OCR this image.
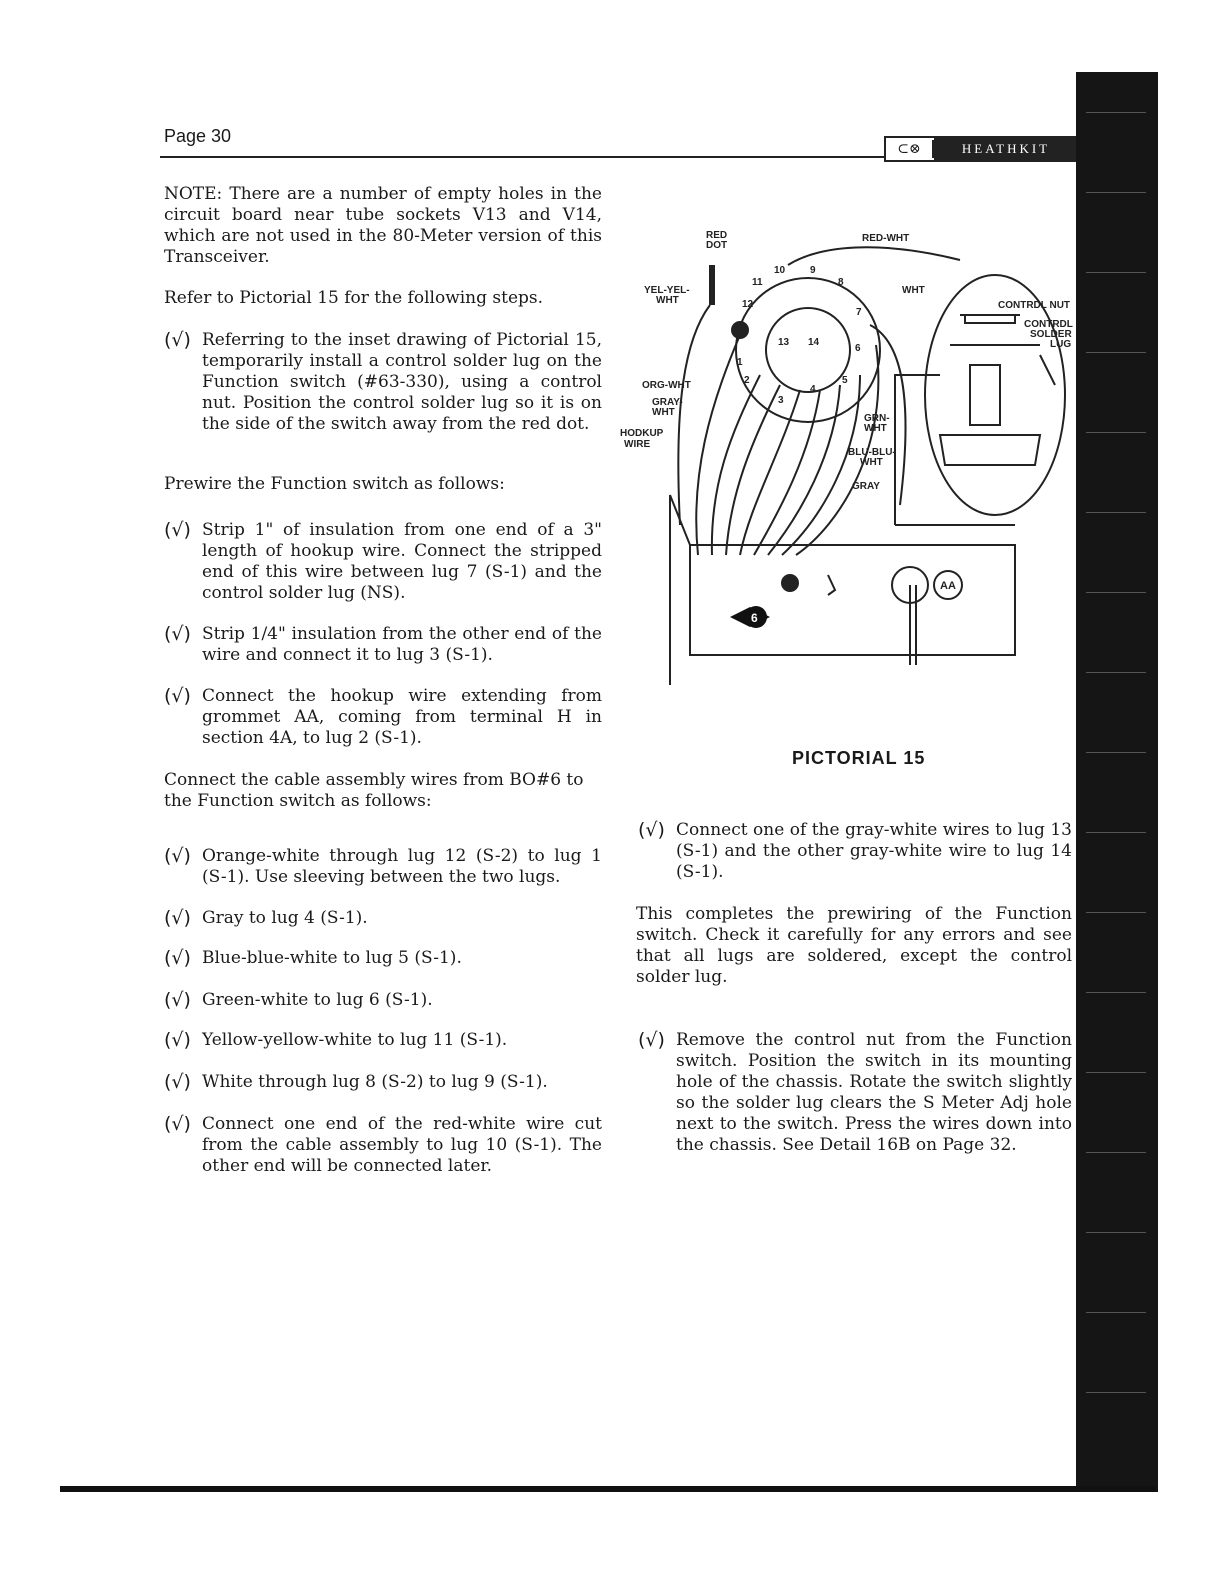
Page 30
⊂⊗	HEATHKIT
NOTE: There are a number of empty holes in the circuit board near tube sockets V13 and V14, which are not used in the 80-Meter version of this Transceiver.
Refer to Pictorial 15 for the following steps.
(√) Referring to the inset drawing of Pictorial 15, temporarily install a control solder lug on the Function switch (#63-330), using a control nut. Position the control solder lug so it is on the side of the switch away from the red dot.
Prewire the Function switch as follows:
(√) Strip 1" of insulation from one end of a 3" length of hookup wire. Connect the stripped end of this wire between lug 7 (S-1) and the control solder lug (NS).
(√) Strip 1/4" insulation from the other end of the wire and connect it to lug 3 (S-1).
(√) Connect the hookup wire extending from grommet AA, coming from terminal H in section 4A, to lug 2 (S-1).
Connect the cable assembly wires from BO#6 to the Function switch as follows:
(√) Orange-white through lug 12 (S-2) to lug 1 (S-1). Use sleeving between the two lugs.
(√) Gray to lug 4 (S-1).
(√) Blue-blue-white to lug 5 (S-1).
(√) Green-white to lug 6 (S-1).
(√) Yellow-yellow-white to lug 11 (S-1).
(√) White through lug 8 (S-2) to lug 9 (S-1).
(√) Connect one end of the red-white wire cut from the cable assembly to lug 10 (S-1). The other end will be connected later.
6
RED
DOT
RED-WHT
YEL-YEL-
WHT
WHT
ORG-WHT
GRAY-
WHT
HODKUP
WIRE
GRN-
WHT
BLU-BLU-
WHT
GRAY
CONTRDL NUT
CONTRDL
SOLDER
LUG
AA
1
2
3
4
5
6
7
8
9
10
11
12
13 14
PICTORIAL 15
(√) Connect one of the gray-white wires to lug 13 (S-1) and the other gray-white wire to lug 14 (S-1).
This completes the prewiring of the Function switch. Check it carefully for any errors and see that all lugs are soldered, except the control solder lug.
(√) Remove the control nut from the Function switch. Position the switch in its mounting hole of the chassis. Rotate the switch slightly so the solder lug clears the S Meter Adj hole next to the switch. Press the wires down into the chassis. See Detail 16B on Page 32.
